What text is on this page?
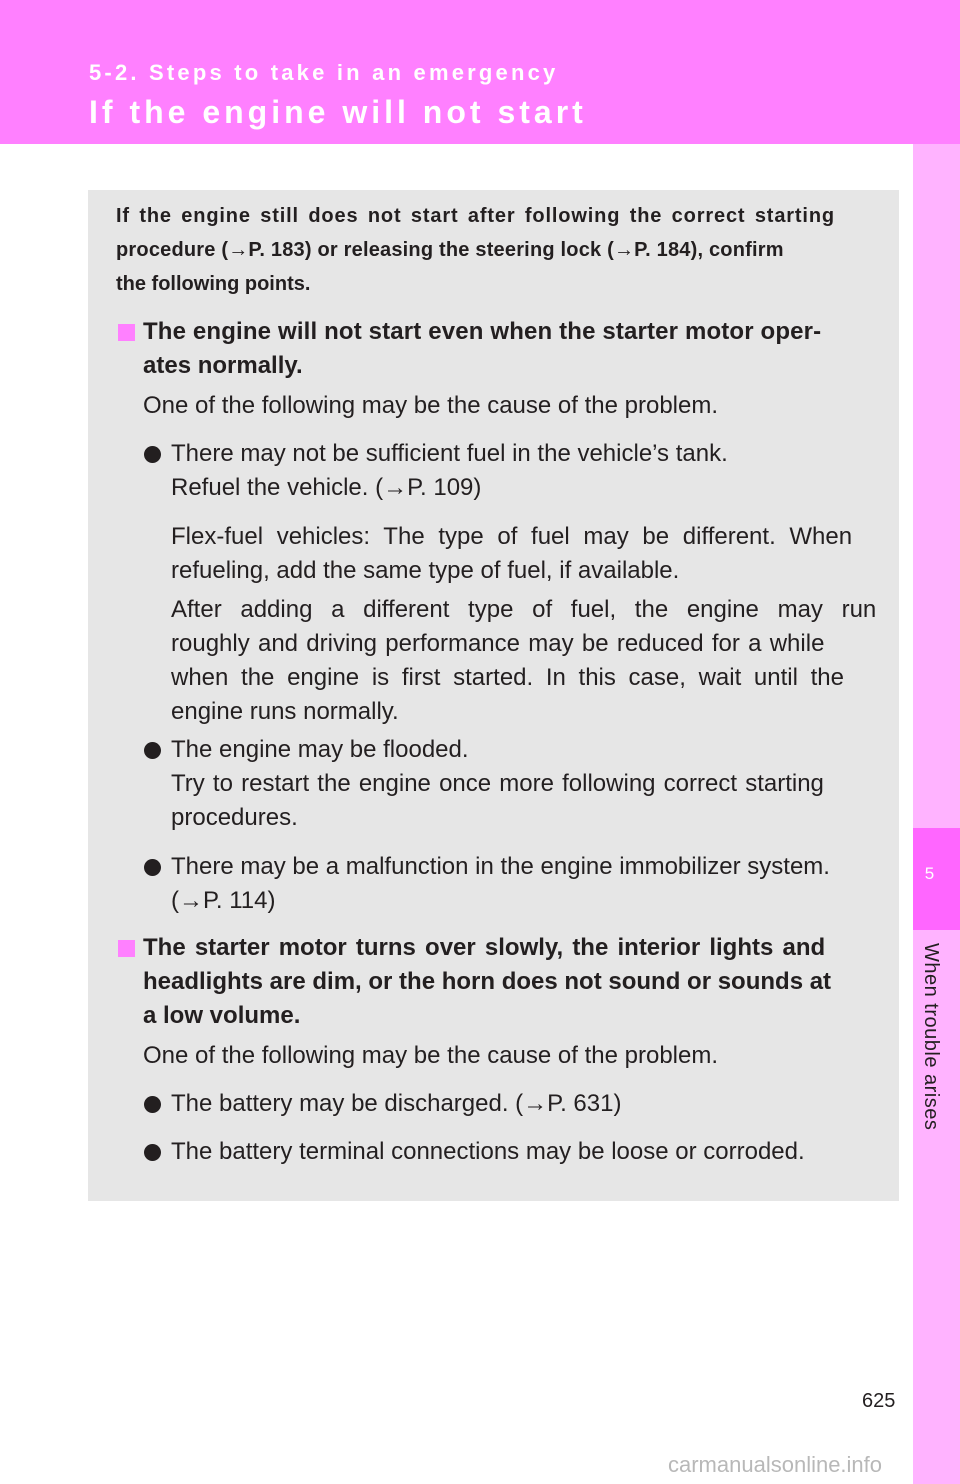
5-2. Steps to take in an emergency
If the engine will not start
5
When trouble arises
If the engine still does not start after following the correct starting
procedure (→P. 183) or releasing the steering lock (→P. 184), confirm
the following points.
The engine will not start even when the starter motor oper-
ates normally.
One of the following may be the cause of the problem.
There may not be sufficient fuel in the vehicle’s tank.
Refuel the vehicle. (→P. 109)
Flex-fuel vehicles: The type of fuel may be different. When
refueling, add the same type of fuel, if available.
After adding a different type of fuel, the engine may run
roughly and driving performance may be reduced for a while
when the engine is first started. In this case, wait until the
engine runs normally.
The engine may be flooded.
Try to restart the engine once more following correct starting
procedures.
There may be a malfunction in the engine immobilizer system.
(→P. 114)
The starter motor turns over slowly, the interior lights and
headlights are dim, or the horn does not sound or sounds at
a low volume.
One of the following may be the cause of the problem.
The battery may be discharged. (→P. 631)
The battery terminal connections may be loose or corroded.
625
carmanualsonline.info
